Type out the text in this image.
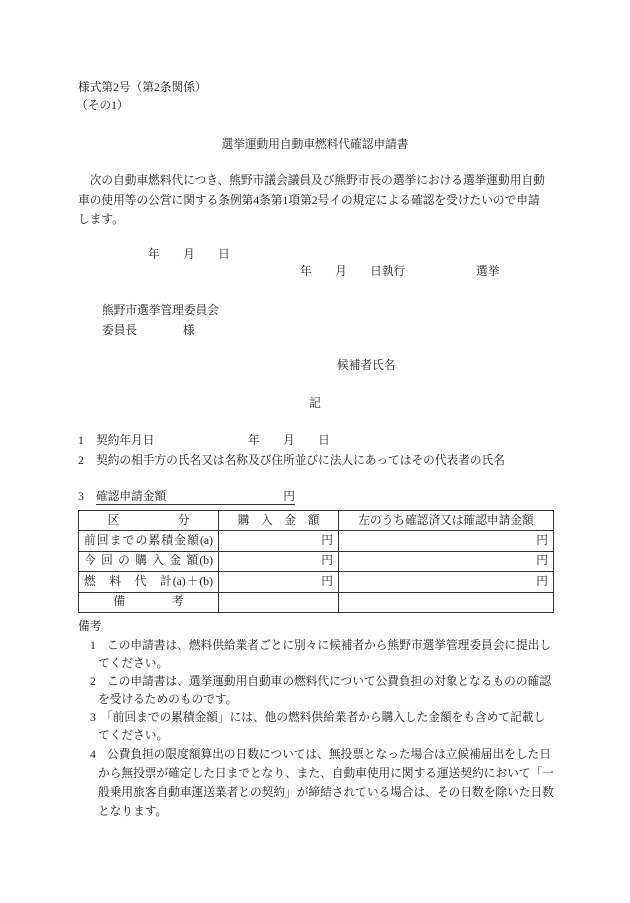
様式第2号（第2条関係）
（その1）
選挙運動用自動車燃料代確認申請書
　次の自動車燃料代につき、熊野市議会議員及び熊野市長の選挙における選挙運動用自動
車の使用等の公営に関する条例第4条第1項第2号イの規定による確認を受けたいので申請
します。
年　　月　　日
年　　月　　日執行	選挙
熊野市選挙管理委員会
委員長	様
候補者氏名
記
1 契約年月日	年　　月　　日
2 契約の相手方の氏名又は名称及び住所並びに法人にあってはその代表者の氏名
3 確認申請金額	円
区　　　　　分	購　入　金　額	左のうち確認済又は確認申請金額
前回までの累積金額(a)	円	円
今 回 の 購 入 金 額(b)	円	円
燃　料　代　計(a)＋(b)	円	円
備　　　　考		
備考
1 この申請書は、燃料供給業者ごとに別々に候補者から熊野市選挙管理委員会に提出し
てください。
2 この申請書は、選挙運動用自動車の燃料代について公費負担の対象となるものの確認
を受けるためのものです。
3 「前回までの累積金額」には、他の燃料供給業者から購入した金額をも含めて記載し
てください。
4 公費負担の限度額算出の日数については、無投票となった場合は立候補届出をした日
から無投票が確定した日までとなり、また、自動車使用に関する運送契約において「一
般乗用旅客自動車運送業者との契約」が締結されている場合は、その日数を除いた日数
となります。
